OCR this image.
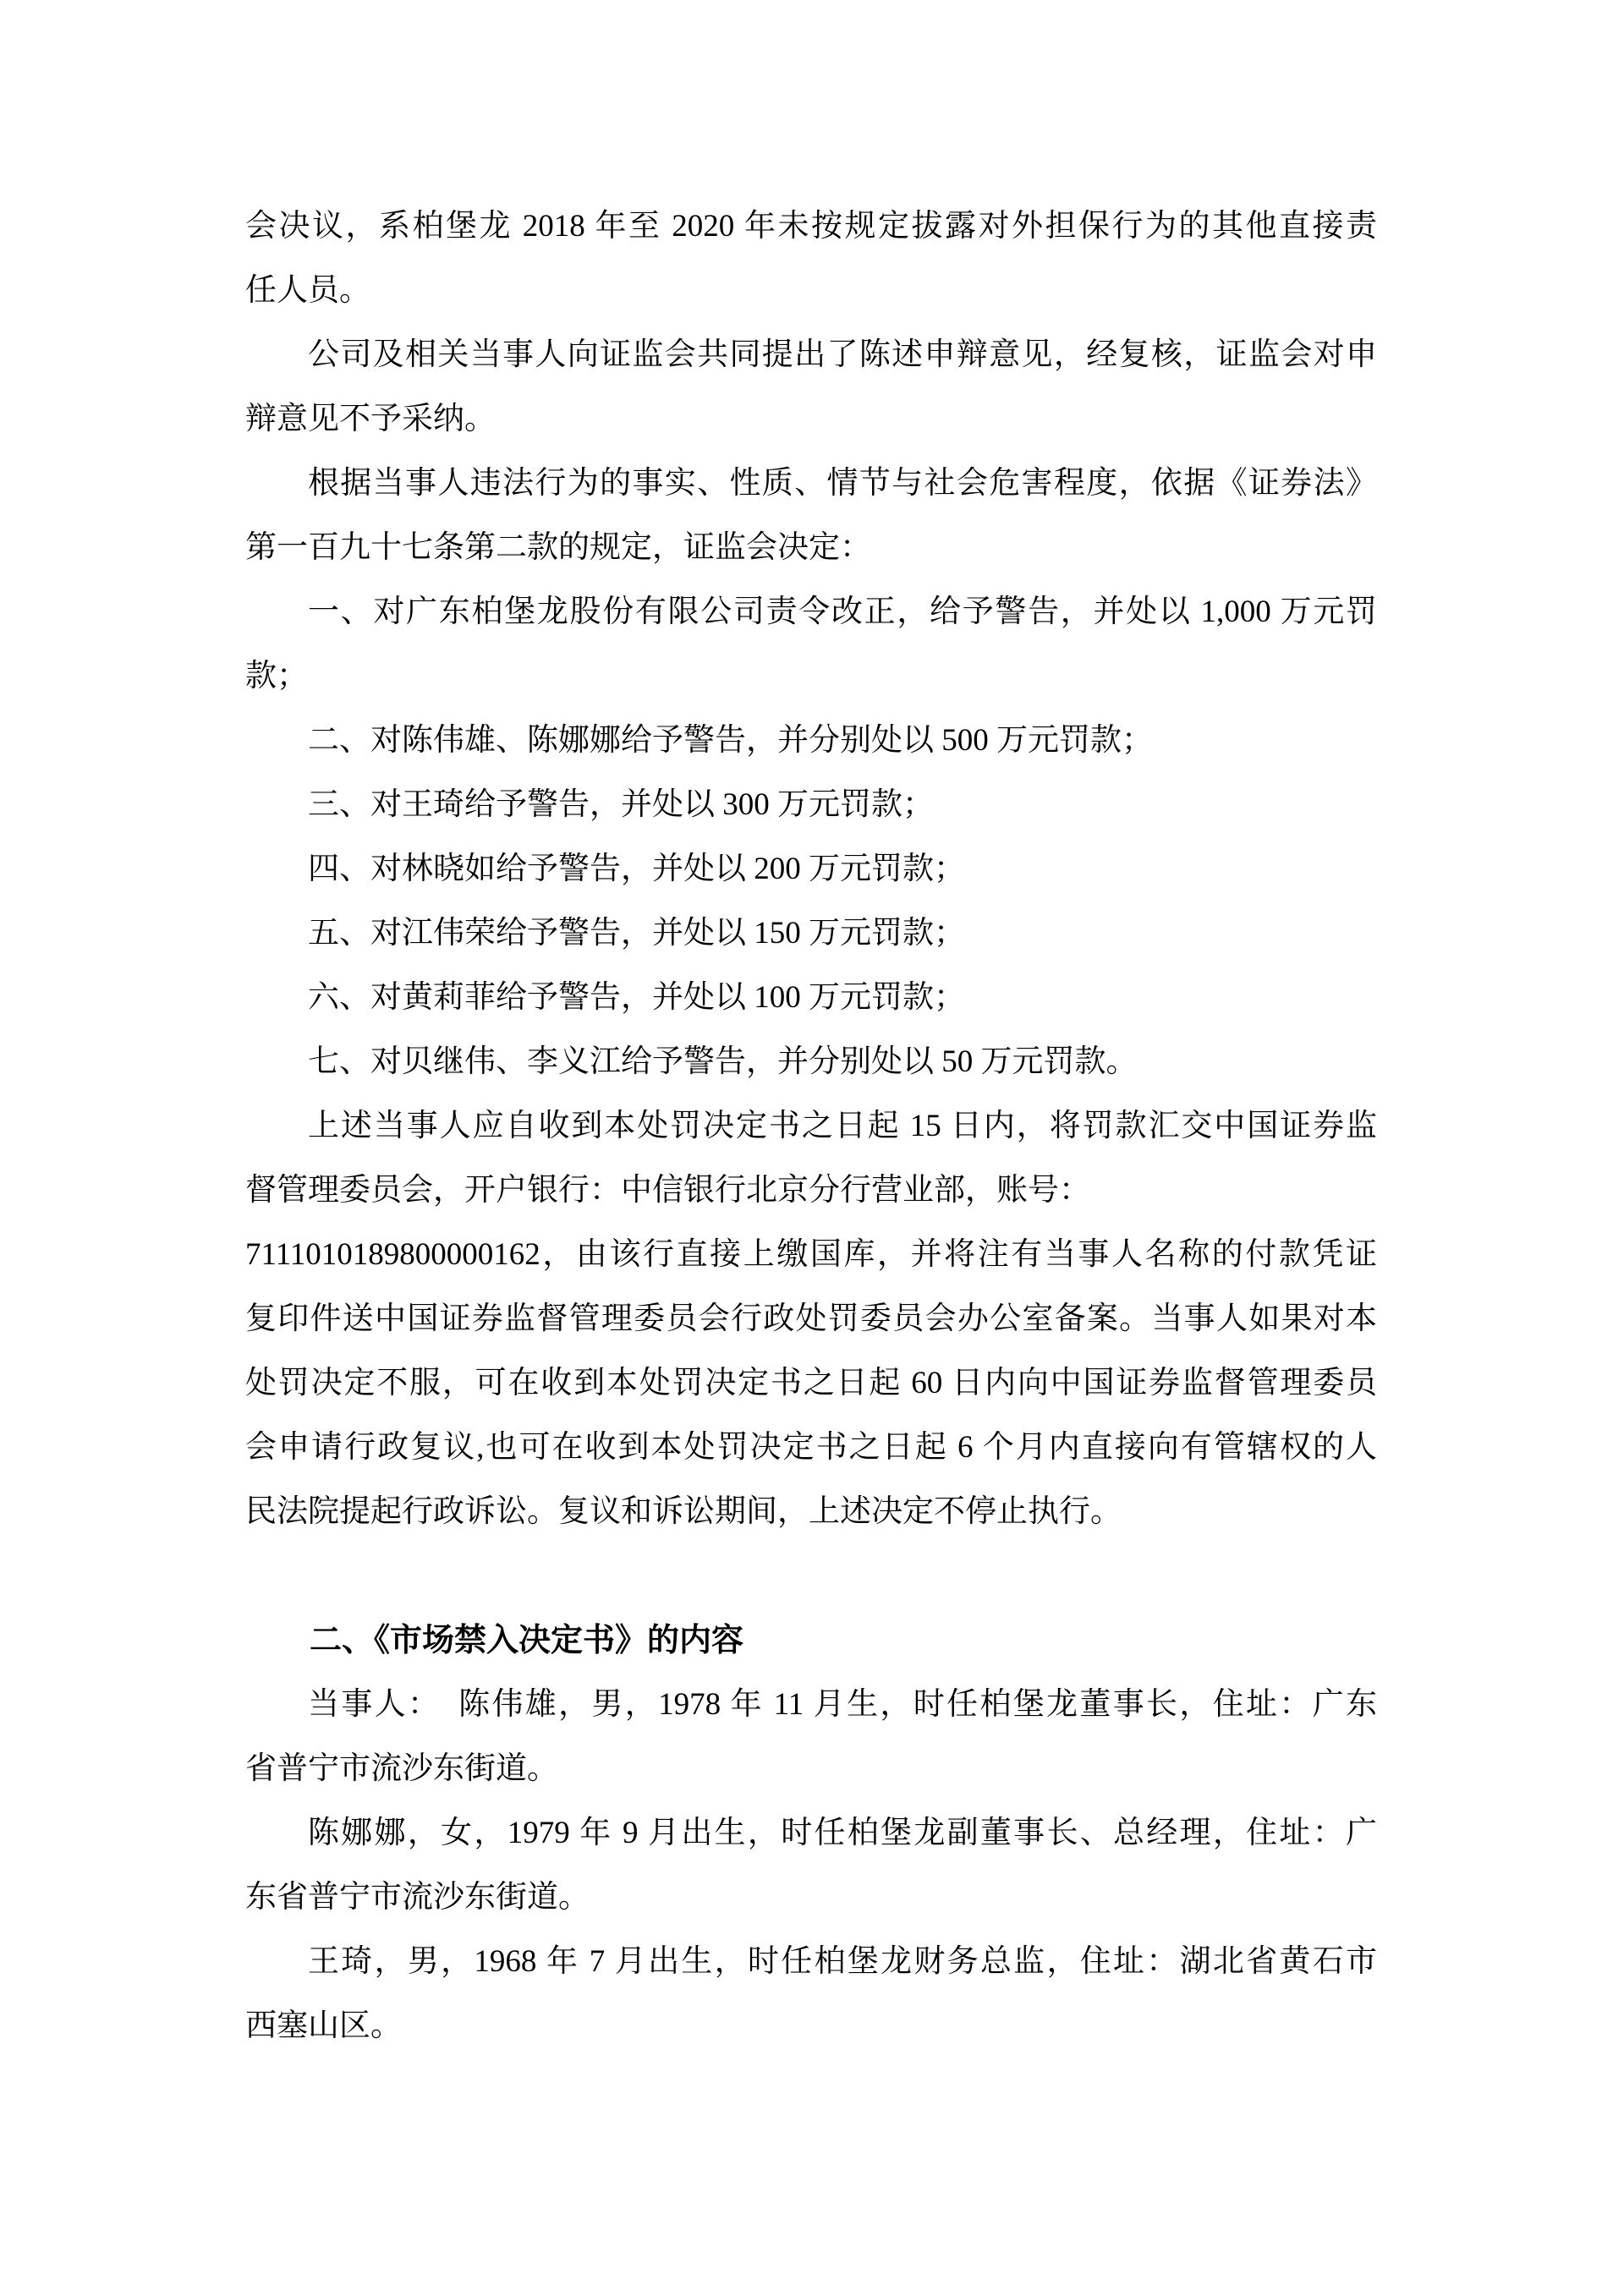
会决议，系柏堡龙 2018 年至 2020 年未按规定拔露对外担保行为的其他直接责
任人员。
公司及相关当事人向证监会共同提出了陈述申辩意见，经复核，证监会对申
辩意见不予采纳。
根据当事人违法行为的事实、性质、情节与社会危害程度，依据《证券法》
第一百九十七条第二款的规定，证监会决定：
一、对广东柏堡龙股份有限公司责令改正，给予警告，并处以 1,000 万元罚
款；
二、对陈伟雄、陈娜娜给予警告，并分别处以 500 万元罚款；
三、对王琦给予警告，并处以 300 万元罚款；
四、对林晓如给予警告，并处以 200 万元罚款；
五、对江伟荣给予警告，并处以 150 万元罚款；
六、对黄莉菲给予警告，并处以 100 万元罚款；
七、对贝继伟、李义江给予警告，并分别处以 50 万元罚款。
上述当事人应自收到本处罚决定书之日起 15 日内，将罚款汇交中国证券监
督管理委员会，开户银行：中信银行北京分行营业部，账号：
7111010189800000162，由该行直接上缴国库，并将注有当事人名称的付款凭证
复印件送中国证券监督管理委员会行政处罚委员会办公室备案。当事人如果对本
处罚决定不服，可在收到本处罚决定书之日起 60 日内向中国证券监督管理委员
会申请行政复议,也可在收到本处罚决定书之日起 6 个月内直接向有管辖权的人
民法院提起行政诉讼。复议和诉讼期间，上述决定不停止执行。
二、《市场禁入决定书》的内容
当事人：　陈伟雄，男，1978 年 11 月生，时任柏堡龙董事长，住址：广东
省普宁市流沙东街道。
陈娜娜，女，1979 年 9 月出生，时任柏堡龙副董事长、总经理，住址：广
东省普宁市流沙东街道。
王琦，男，1968 年 7 月出生，时任柏堡龙财务总监，住址：湖北省黄石市
西塞山区。
